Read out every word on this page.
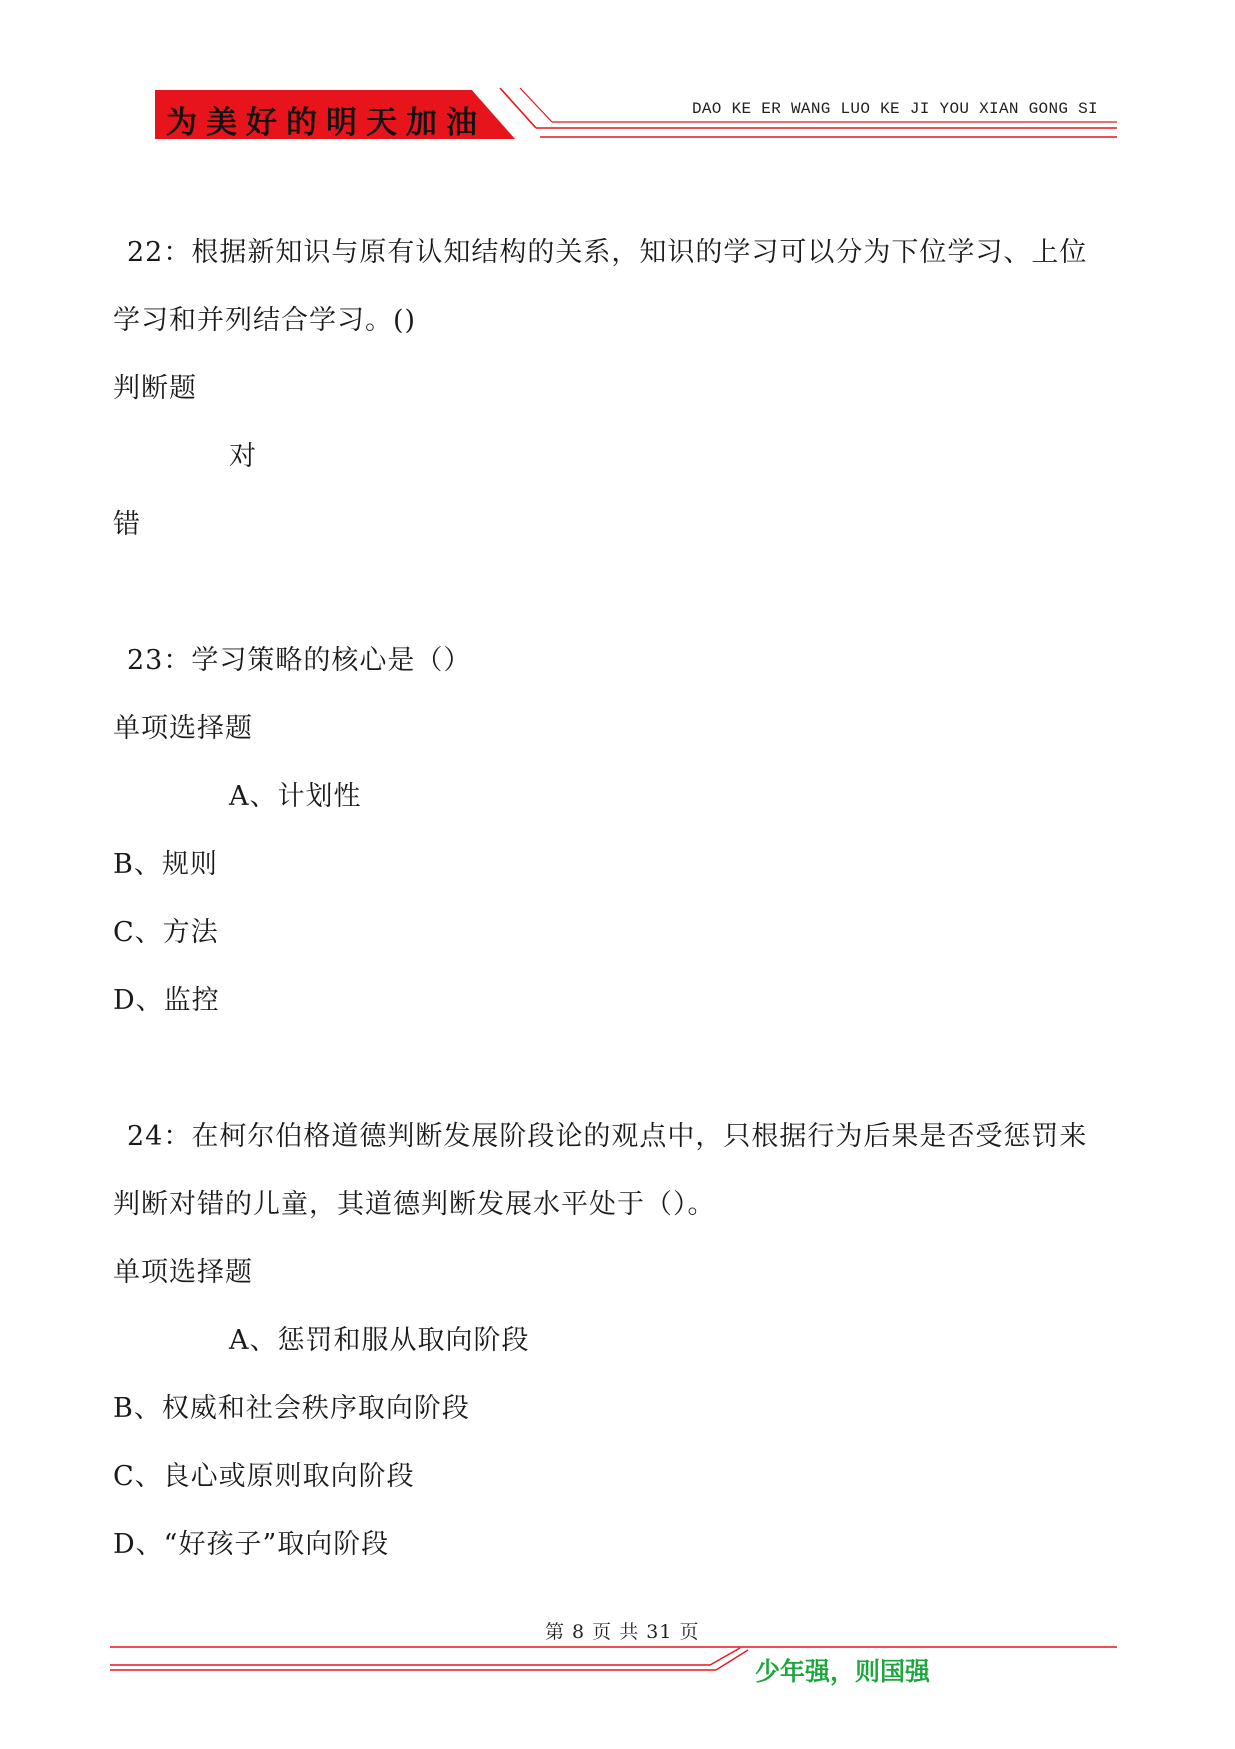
为美好的明天加油	DAO KE ER WANG LUO KE JI YOU XIAN GONG SI
22：根据新知识与原有认知结构的关系，知识的学习可以分为下位学习、上位
学习和并列结合学习。()
判断题
对
错
23：学习策略的核心是（）
单项选择题
A、计划性
B、规则
C、方法
D、监控
24：在柯尔伯格道德判断发展阶段论的观点中，只根据行为后果是否受惩罚来
判断对错的儿童，其道德判断发展水平处于（）。
单项选择题
A、惩罚和服从取向阶段
B、权威和社会秩序取向阶段
C、良心或原则取向阶段
D、“好孩子”取向阶段
第 8 页 共 31 页
少年强，则国强
